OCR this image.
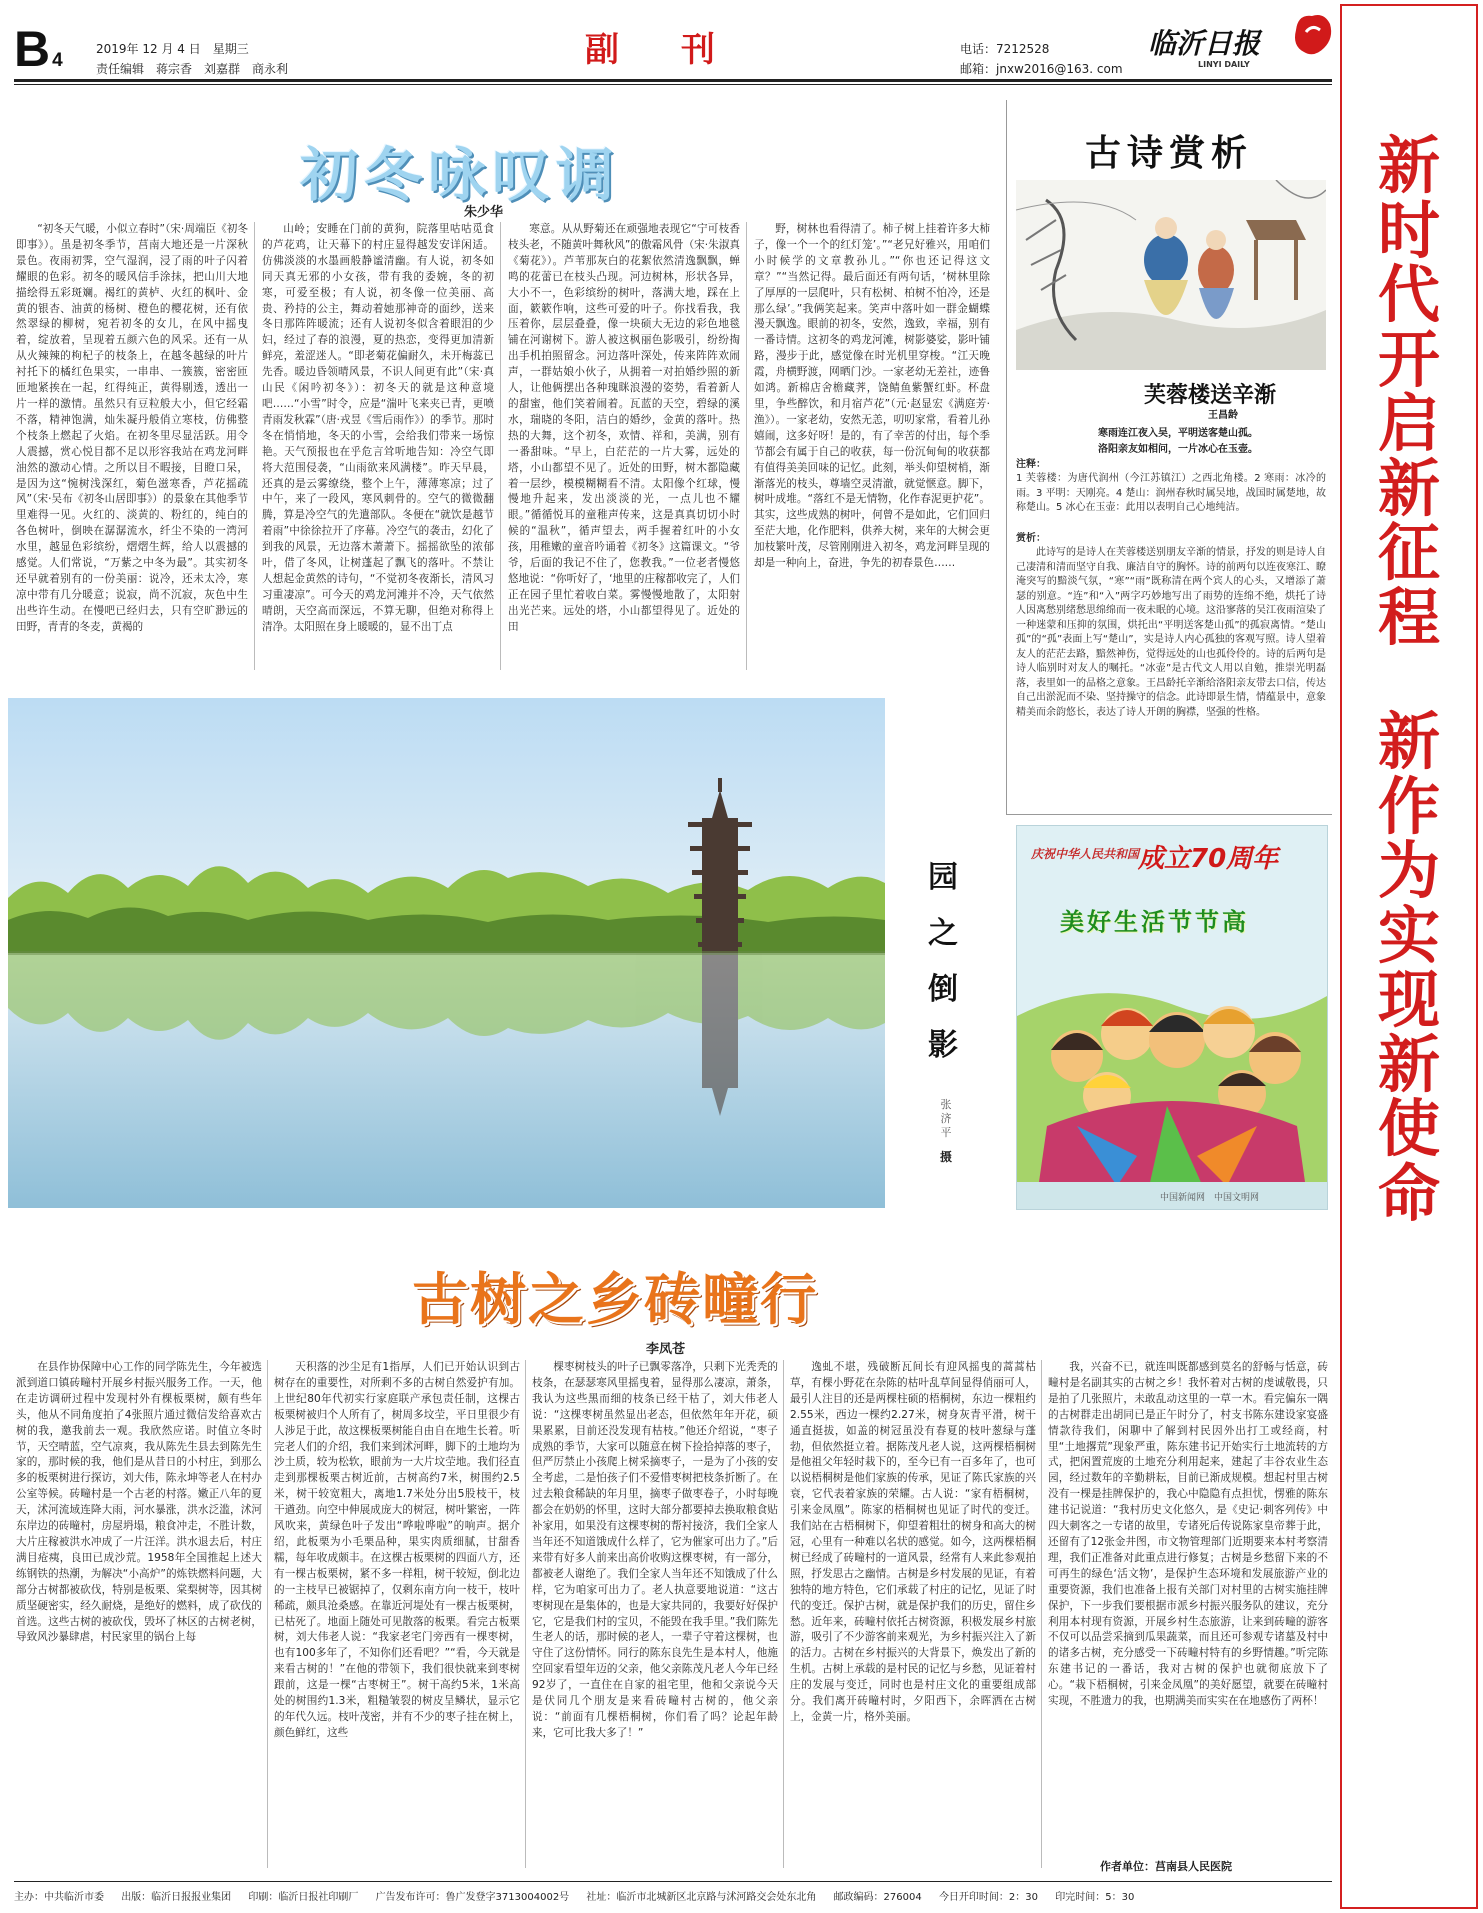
B 4
2019年 12 月 4 日　星期三
责任编辑　蒋宗香　刘嘉群　商永利	副刊	电话：7212528
邮箱：jnxw2016@163. com
临沂日报
LINYI DAILY
初冬咏叹调
朱少华
“初冬天气暖，小似立春时”（宋·周端臣《初冬即事》）。虽是初冬季节，莒南大地还是一片深秋景色。夜雨初霁，空气湿润，浸了雨的叶子闪着耀眼的色彩。初冬的暖风信手涂抹，把山川大地描绘得五彩斑斓。褐红的黄栌、火红的枫叶、金黄的银杏、油黄的杨树、橙色的樱花树，还有依然翠绿的柳树，宛若初冬的女儿，在风中摇曳着，绽放着，呈现着五颜六色的风采。还有一从从火辣辣的枸杞子的枝条上，在越冬越绿的叶片衬托下的橘红色果实，一串串、一簇簇，密密匝匝地紧挨在一起，红得纯正，黄得剔透，透出一片一样的激情。虽然只有豆粒般大小，但它经霜不落，精神饱满，灿朱凝丹般俏立寒枝，仿佛整个枝条上燃起了火焰。在初冬里尽显活跃。用令人震撼，赏心悦目都不足以形容我站在鸡龙河畔油然的激动心情。之所以目不暇接，目瞪口呆，是因为这“惋树浅深红，菊色滋寒香，芦花摇疏风”（宋·吴布《初冬山居即事》）的景象在其他季节里难得一见。火红的、淡黄的、粉红的，纯白的各色树叶，倒映在潺潺流水，纤尘不染的一湾河水里，越显色彩缤纷，熠熠生辉，给人以震撼的感觉。人们常说，“万紫之中冬为最”。其实初冬还早就着别有的一份美丽：说冷，还未太冷，寒凉中带有几分暖意；说寂，尚不沉寂，灰色中生出些许生动。在慢吧已经归去，只有空旷渺远的田野，青青的冬麦，黄褐的
山岭；安睡在门前的黄狗，院落里咕咕觅食的芦花鸡，让天幕下的村庄显得越发安详闲适。仿佛淡淡的水墨画般静谧清幽。有人说，初冬如同天真无邪的小女孩，带有我的委婉，冬的初寒，可爱至极；有人说，初冬像一位美丽、高贵、矜持的公主，舞动着她那神奇的面纱，送来冬日那阵阵暖流；还有人说初冬似含着眼泪的少妇，经过了春的浪漫，夏的热恋，变得更加清新鲜亮，羞涩迷人。“即老菊花偏耐久，未开梅蕊已先香。暖边昏领晴风景，不识人间更有此”（宋·真山民《闲吟初冬》）：初冬天的就是这种意境吧……“小雪”时令，应是“湍叶飞来夹已青，更喷青雨发秋霖”（唐·戎昱《雪后雨作》）的季节。那时冬在悄悄地，冬天的小雪，会给我们带来一场惊艳。天气预报也在乎危言耸听地告知：冷空气即将大范围侵袭，“山雨欲来风满楼”。昨天早晨，还真的是云雾缭绕，整个上午，薄薄寒凉；过了中午，来了一段风，寒风刺骨的。空气的微微翻腾，算是冷空气的先遣部队。冬便在“就饮是越节着雨”中徐徐拉开了序幕。冷空气的袭击，幻化了到我的风景，无边落木萧萧下。摇摇欲坠的浓郁叶，借了冬风，让树蓬起了飘飞的落叶。不禁让人想起金黄然的诗句，“不觉初冬夜渐长，清风习习重凄凉”。可今天的鸡龙河滩并不冷，天气依然晴朗，天空高而深远，不算无聊，但绝对称得上清净。太阳照在身上暖暖的，显不出丁点
寒意。从从野菊还在顽强地表现它“宁可枝香枝头老，不随黄叶舞秋风”的傲霜风骨（宋·朱淑真《菊花》）。芦苇那灰白的花絮依然清逸飘飘，蝉鸣的花蕾已在枝头凸现。河边树林，形状各异，大小不一，色彩缤纷的树叶，落满大地，踩在上面，簌簌作响，这些可爱的叶子。你找看我，我压着你，层层叠叠，像一块硕大无边的彩色地毯铺在河谢树下。游人被这枫丽色影吸引，纷纷掏出手机拍照留念。河边落叶深处，传来阵阵欢闹声，一群姑娘小伙子，从拥着一对拍婚纱照的新人，让他俩摆出各种瑰眯浪漫的姿势，看着新人的甜蜜，他们笑着闹着。瓦蓝的天空，碧绿的溪水，瑞晓的冬阳，洁白的婚纱，金黄的落叶。热热的大舞，这个初冬，欢情、祥和，美满，别有一番甜味。“早上，白茫茫的一片大雾，远处的塔，小山都望不见了。近处的田野，树木都隐藏着一层纱，模模糊糊看不清。太阳像个红球，慢慢地升起来，发出淡淡的光，一点儿也不耀眼。”循循悦耳的童稚声传来，这是真真切切小时候的“温秋”，循声望去，两手握着红叶的小女孩，用稚嫩的童音吟诵着《初冬》这篇课文。“爷爷，后面的我记不住了，您教我。”一位老者慢悠悠地说：“你听好了，‘地里的庄稼都收完了，人们正在园子里忙着收白菜。雾慢慢地散了，太阳射出光芒来。远处的塔，小山都望得见了。近处的田
野，树林也看得清了。柿子树上挂着许多大柿子，像一个一个的红灯笼’。”“老兄好雅兴，用咱们小时候学的文章教孙儿。”“你也还记得这文章？”“当然记得。最后面还有两句话，‘树林里除了厚厚的一层爬叶，只有松树、柏树不怕冷，还是那么绿’。”我俩笑起来。笑声中落叶如一群金蝴蝶漫天飘逸。眼前的初冬，安然，逸致，幸福，别有一番诗情。这初冬的鸡龙河滩，树影婆娑，影叶铺路，漫步于此，感觉像在时光机里穿梭。“江天晚霞，舟横野渡，网晒门沙。一家老幼无差社，迹鲁如鸿。新棉店舍檐藏荠，饶鲭鱼紫蟹红虾。杯盘里，争些醉饮，和月宿芦花”（元·赵显宏《满庭芳·渔》）。一家老幼，安然无恙，叨叨家常，看着儿孙嬉闹，这多好呀！是的，有了幸苦的付出，每个季节都会有属于自己的收获，每一份沉甸甸的收获都有值得美美回味的记忆。此刻，举头仰望树梢，渐渐落光的枝头，尊墙空灵清澈，就觉惬意。脚下，树叶成堆。“落红不是无情物，化作春泥更护花”。其实，这些成熟的树叶，何曾不是如此，它们回归至茫大地，化作肥料，供养大树，来年的大树会更加枝繁叶茂，尽管刚刚进入初冬，鸡龙河畔呈现的却是一种向上，奋进，争先的初春景色……
古诗赏析
芙蓉楼送辛渐
王昌龄
寒雨连江夜入吴，平明送客楚山孤。
洛阳亲友如相问，一片冰心在玉壶。
注释：
1 芙蓉楼：为唐代润州（今江苏镇江）之西北角楼。2 寒雨：冰冷的雨。3 平明：天刚亮。4 楚山：润州春秋时属吴地，战国时属楚地，故称楚山。5 冰心在玉壶：此用以表明自己心地纯洁。
赏析：
此诗写的是诗人在芙蓉楼送别朋友辛渐的情景，抒发的则是诗人自己凄清和清而坚守自我、廉洁自守的胸怀。诗的前两句以连夜寒江、瞭淹突写的黯淡气氛，“寒”“雨”既称清在两个宾人的心头，又增添了萧瑟的别意。“连”和“入”两字巧妙地写出了雨势的连绵不绝，烘托了诗人因离愁别绪愁思绵绵而一夜未眠的心境。这沿寥落的吴江夜雨渲染了一种迷蒙和压抑的氛围，烘托出“平明送客楚山孤”的孤寂离情。“楚山孤”的“孤”表面上写“楚山”，实是诗人内心孤独的客观写照。诗人望着友人的茫茫去路，黯然神伤，觉得远处的山也孤伶伶的。诗的后两句是诗人临别时对友人的嘱托。“冰壶”是古代文人用以自勉，推崇光明磊落，表里如一的品格之意象。王昌龄托辛渐给洛阳亲友带去口信，传达自己出淤泥而不染、坚持操守的信念。此诗即景生情，情蕴景中，意象精美而余韵悠长，表达了诗人开朗的胸襟，坚强的性格。
园之倒影
张济平
摄
庆祝中华人民共和国
成立70周年
美好生活节节高
中国新闻网　中国文明网
古树之乡砖疃行
李凤苍
在县作协保障中心工作的同学陈先生，今年被选派到道口镇砖疃村开展乡村振兴服务工作。一天，他在走访调研过程中发现村外有棵板栗树，颇有些年头，他从不同角度拍了4张照片通过微信发给喜欢古树的我，邀我前去一观。我欣然应诺。时值立冬时节，天空晴蓝，空气凉爽，我从陈先生县去到陈先生家的，那时候的我，他们是从昔日的小村庄，到那么多的板栗树进行探访，刘大伟，陈永坤等老人在村办公室等候。砖疃村是一个古老的村落。嫩正八年的夏天，沭河流域连降大雨，河水暴涨，洪水泛滥，沭河东岸边的砖疃村，房屋坍塌，粮食冲走，不胜计数，大片庄稼被洪水冲成了一片汪洋。洪水退去后，村庄满目疮痍，良田已成沙荒。1958年全国推起上述大练钢铁的热潮，为解决“小高炉”的炼铁燃料问题，大部分古树都被砍伐，特别是板栗、棠梨树等，因其树质坚硬密实，经久耐烧，是绝好的燃料，成了砍伐的首选。这些古树的被砍伐，毁坏了林区的古树老树，导致风沙暴肆虐，村民家里的锅台上每
天积落的沙尘足有1指厚，人们已开始认识到古树存在的重要性，对所剩不多的古树自然爱护有加。上世纪80年代初实行家庭联产承包责任制，这棵古板栗树被归个人所有了，树周多坟茔，平日里很少有人涉足于此，故这棵板栗树能自由自在地生长着。听完老人们的介绍，我们来到沭河畔，脚下的土地均为沙土质，较为松软，眼前为一大片坟茔地。我们径直走到那棵板栗古树近前，古树高约7米，树围约2.5米，树干较宽粗大，离地1.7米处分出5股枝干，枝干遒劲。向空中伸展成庞大的树冠，树叶繁密，一阵风吹来，黄绿色叶子发出“哗啦哗啦”的响声。据介绍，此板栗为小毛栗品种，果实肉质细腻，甘甜香糯，每年收成颇丰。在这棵古板栗树的四面八方，还有一棵古板栗树，紧不多一样粗，树干较短，倒北边的一主枝早已被锯掉了，仅剩东南方向一枝干，枝叶稀疏，颇具沧桑感。在靠近河堤处有一棵古板栗树，已枯死了。地面上随处可见散落的板栗。看完古板栗树，刘大伟老人说：“我家老宅门旁西有一棵枣树，也有100多年了，不知你们还看吧？”“看，今天就是来看古树的！”在他的带领下，我们很快就来到枣树跟前，这是一棵“古枣树王”。树干高约5米，1米高处的树围约1.3米，粗糙皱裂的树皮呈鳞状，显示它的年代久远。枝叶茂密，并有不少的枣子挂在树上，颜色鲜红，这些
棵枣树枝头的叶子已飘零落净，只剩下光秃秃的枝条，在瑟瑟寒风里摇曳着，显得那么凄凉，萧条，我认为这些黑而细的枝条已经干枯了，刘大伟老人说：“这棵枣树虽然显出老态，但依然年年开花，硕果累累，目前还没发现有枯枝。”他还介绍说，“枣子成熟的季节，大家可以随意在树下捡拾掉落的枣子，但严厉禁止小孩爬上树采摘枣子，一是为了小孩的安全考虑，二是怕孩子们不爱惜枣树把枝条折断了。在过去粮食稀缺的年月里，摘枣子做枣卷子，小时每晚都会在奶奶的怀里，这时大部分都要掉去换取粮食贴补家用，如果没有这棵枣树的帮衬接济，我们全家人当年还不知道饿成什么样了，它为催家可出力了。”后来带有好多人前来出高价收购这棵枣树，有一部分，都被老人谢绝了。我们全家人当年还不知饿成了什么样，它为咱家可出力了。老人执意要地说道：“这古枣树现在是集体的，也是大家共同的，我要好好保护它，它是我们村的宝贝，不能毁在我手里。”我们陈先生老人的话，那时候的老人，一辈子守着这棵树，也守住了这份情怀。同行的陈东良先生是本村人，他施空回家看望年迈的父亲，他父亲陈茂凡老人今年已经92岁了，一直住在自家的祖宅里，他和父亲说今天是伏同几个朋友是来看砖疃村古树的，他父亲说：“前面有几棵梧桐树，你们看了吗？论起年龄来，它可比我大多了！”
逸虬不堪，残破断瓦间长有迎风摇曳的蒿蒿枯草，有棵小野花在杂陈的枯叶乱草间显得俏丽可人，最引人注目的还是两棵柱硕的梧桐树，东边一棵粗约2.55米，西边一棵约2.27米，树身灰青平滑，树干通直挺拔，如盖的树冠虽没有春夏的枝叶葱绿与蓬勃，但依然挺立着。据陈茂凡老人说，这两棵梧桐树是他祖父年轻时栽下的，至今已有一百多年了，也可以说梧桐树是他们家族的传承，见证了陈氏家族的兴衰，它代表着家族的荣耀。古人说：“家有梧桐树，引来金凤凰”。陈家的梧桐树也见证了时代的变迁。我们站在古梧桐树下，仰望着粗壮的树身和高大的树冠，心里有一种难以名状的感觉。如今，这两棵梧桐树已经成了砖疃村的一道风景，经常有人来此参观拍照，抒发思古之幽情。古树是乡村发展的见证，有着独特的地方特色，它们承载了村庄的记忆，见证了时代的变迁。保护古树，就是保护我们的历史，留住乡愁。近年来，砖疃村依托古树资源，积极发展乡村旅游，吸引了不少游客前来观光，为乡村振兴注入了新的活力。古树在乡村振兴的大背景下，焕发出了新的生机。古树上承载的是村民的记忆与乡愁，见证着村庄的发展与变迁，同时也是村庄文化的重要组成部分。我们离开砖疃村时，夕阳西下，余晖洒在古树上，金黄一片，格外美丽。
我，兴奋不已，就连叫既都感到莫名的舒畅与恬意，砖疃村是名副其实的古树之乡！我怀着对古树的虔诚敬畏，只是拍了几张照片，未敢乱动这里的一草一木。看完偏东一隅的古树群走出胡同已是正午时分了，村支书陈东建设家宴盛情款待我们，闲聊中了解到村民因外出打工或经商，村里“土地撂荒”现象严重，陈东建书记开始实行土地流转的方式，把闲置荒废的土地充分利用起来，建起了丰谷农业生态园，经过数年的辛勤耕耘，目前已渐成规模。想起村里古树没有一棵是挂牌保护的，我心中隐隐有点担忧，愣雅的陈东建书记说道：“我村历史文化悠久，是《史记·刺客列传》中四大刺客之一专诸的故里，专诸死后传说陈家皇帝葬于此，还留有了12张金井图，市文物管理部门近期要来本村考察清理，我们正准备对此重点进行修复；古树是乡愁留下来的不可再生的绿色‘活文物’，是保护生态环境和发展旅游产业的重要资源，我们也准备上报有关部门对村里的古树实施挂牌保护，下一步我们要根据市派乡村振兴服务队的建议，充分利用本村现有资源，开展乡村生态旅游，让来到砖疃的游客不仅可以品尝采摘到瓜果蔬菜，而且还可参观专诸墓及村中的诸多古树，充分感受一下砖疃村特有的乡野情趣。”听完陈东建书记的一番话，我对古树的保护也就彻底放下了心。“栽下梧桐树，引来金凤凰”的美好愿望，就要在砖疃村实现，不胜遗力的我，也期满美而实实在在地感伤了两杯！
作者单位：莒南县人民医院
新时代开启新征程
新作为实现新使命
主办：中共临沂市委 出版：临沂日报报业集团 印刷：临沂日报社印刷厂 广告发布许可：鲁广发登字3713004002号 社址：临沂市北城新区北京路与沭河路交会处东北角 邮政编码：276004 今日开印时间：2：30 印完时间：5：30
